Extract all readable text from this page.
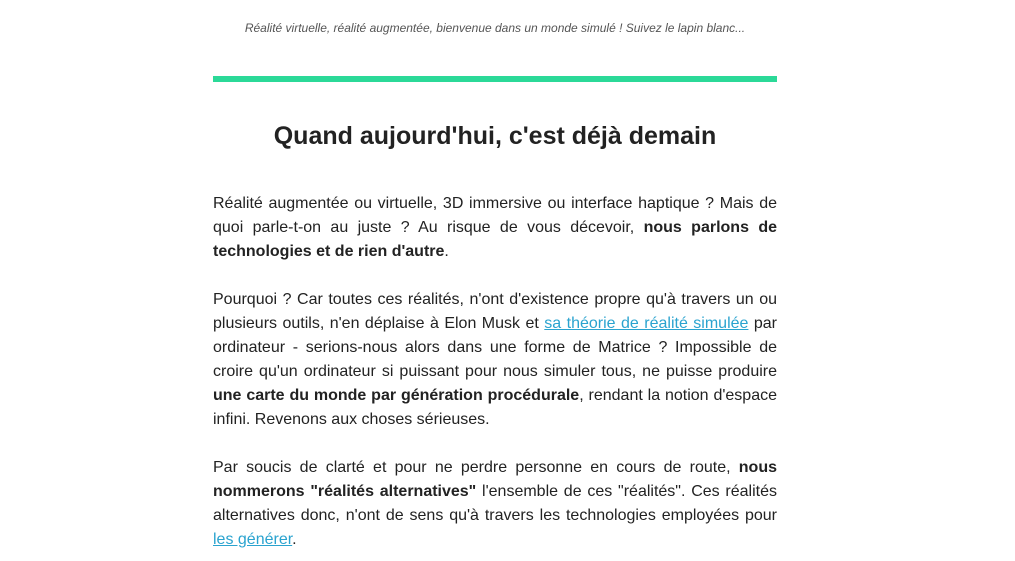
Réalité virtuelle, réalité augmentée, bienvenue dans un monde simulé ! Suivez le lapin blanc...
Quand aujourd'hui, c'est déjà demain

Réalité augmentée ou virtuelle, 3D immersive ou interface haptique ? Mais de quoi parle-t-on au juste ? Au risque de vous décevoir, nous parlons de technologies et de rien d'autre.

Pourquoi ? Car toutes ces réalités, n'ont d'existence propre qu'à travers un ou plusieurs outils, n'en déplaise à Elon Musk et sa théorie de réalité simulée par ordinateur - serions-nous alors dans une forme de Matrice ? Impossible de croire qu'un ordinateur si puissant pour nous simuler tous, ne puisse produire une carte du monde par génération procédurale, rendant la notion d'espace infini. Revenons aux choses sérieuses.

Par soucis de clarté et pour ne perdre personne en cours de route, nous nommerons "réalités alternatives" l'ensemble de ces "réalités". Ces réalités alternatives donc, n'ont de sens qu'à travers les technologies employées pour les générer.
